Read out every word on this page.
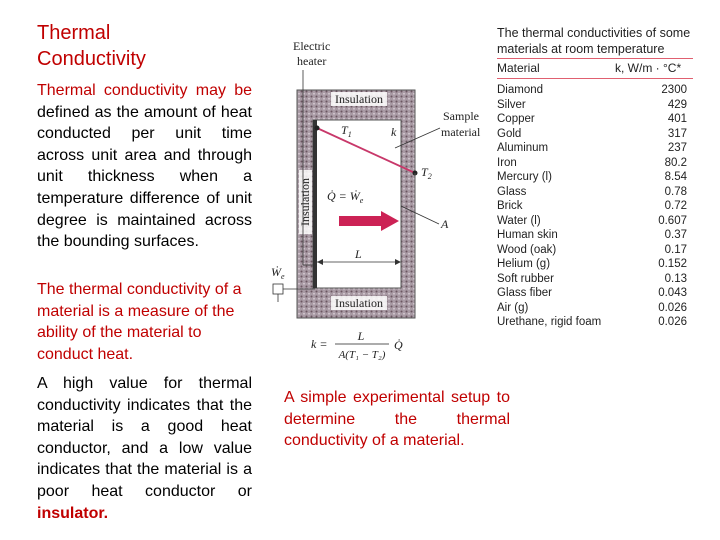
Thermal Conductivity

Thermal conductivity may be defined as the amount of heat conducted per unit time across unit area and through unit thickness when a temperature difference of unit degree is maintained across the bounding surfaces.

The thermal conductivity of a material is a measure of the ability of the material to conduct heat.

A high value for thermal conductivity indicates that the material is a good heat conductor, and a low value indicates that the material is a poor heat conductor or insulator.

A simple experimental setup to determine the thermal conductivity of a material.

Insulation
Insulation
Insulation
Electric
heater
$T_1$	k
$T_2$
Sample
material
Q̇ = Ẇ$_e$
A
L
Ẇ$_e$
k =
L
A(T₁ − T₂)
Q̇
The thermal conductivities of some materials at room temperature
Material	k, W/m · °C*
Diamond	2300
Silver	429
Copper	401
Gold	317
Aluminum	237
Iron	80.2
Mercury (l)	8.54
Glass	0.78
Brick	0.72
Water (l)	0.607
Human skin	0.37
Wood (oak)	0.17
Helium (g)	0.152
Soft rubber	0.13
Glass fiber	0.043
Air (g)	0.026
Urethane, rigid foam	0.026
